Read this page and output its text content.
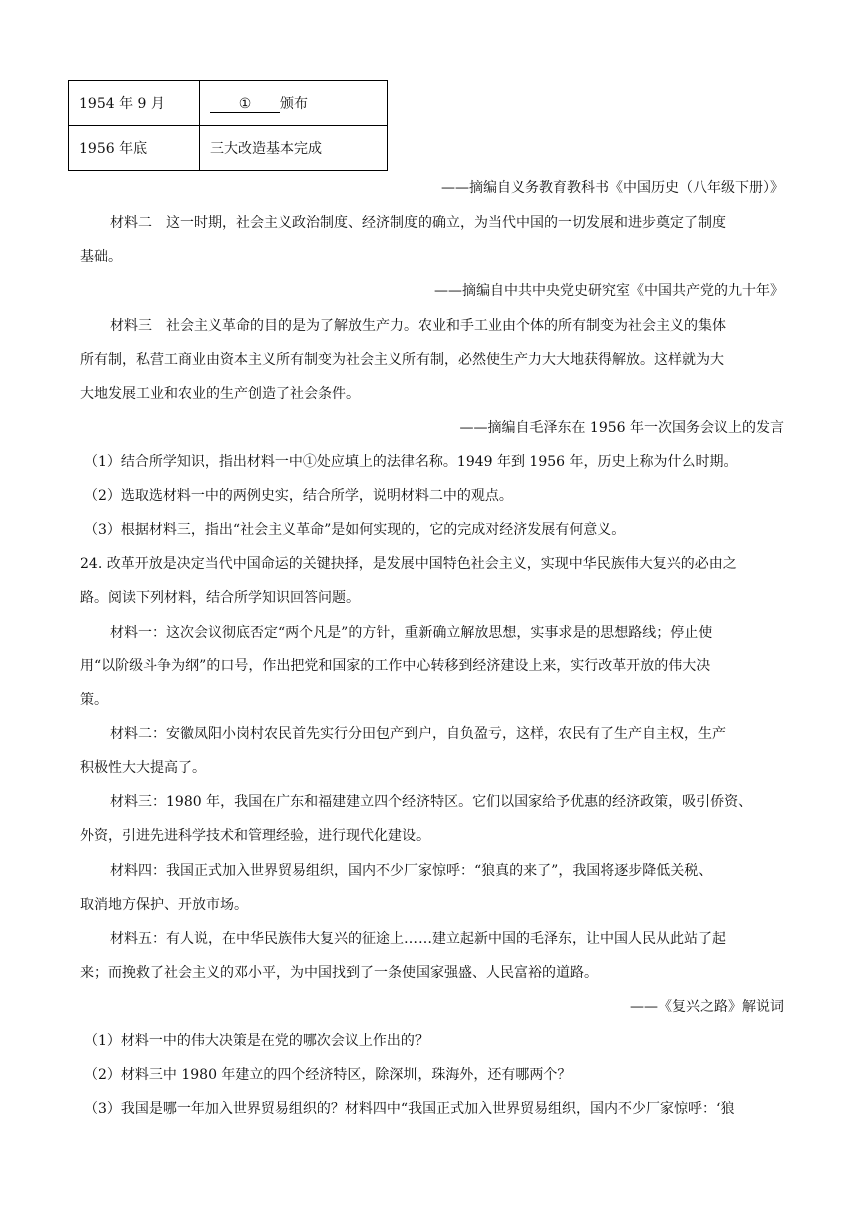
1954 年 9 月	① 颁布
1956 年底	三大改造基本完成
——摘编自义务教育教科书《中国历史（八年级下册）》
材料二　这一时期，社会主义政治制度、经济制度的确立，为当代中国的一切发展和进步奠定了制度
基础。
——摘编自中共中央党史研究室《中国共产党的九十年》
材料三　社会主义革命的目的是为了解放生产力。农业和手工业由个体的所有制变为社会主义的集体
所有制，私营工商业由资本主义所有制变为社会主义所有制，必然使生产力大大地获得解放。这样就为大
大地发展工业和农业的生产创造了社会条件。
——摘编自毛泽东在 1956 年一次国务会议上的发言
（1）结合所学知识，指出材料一中①处应填上的法律名称。1949 年到 1956 年，历史上称为什么时期。
（2）选取选材料一中的两例史实，结合所学，说明材料二中的观点。
（3）根据材料三，指出“社会主义革命”是如何实现的，它的完成对经济发展有何意义。
24. 改革开放是决定当代中国命运的关键抉择，是发展中国特色社会主义，实现中华民族伟大复兴的必由之
路。阅读下列材料，结合所学知识回答问题。
材料一：这次会议彻底否定“两个凡是”的方针，重新确立解放思想，实事求是的思想路线；停止使
用“以阶级斗争为纲”的口号，作出把党和国家的工作中心转移到经济建设上来，实行改革开放的伟大决
策。
材料二：安徽凤阳小岗村农民首先实行分田包产到户，自负盈亏，这样，农民有了生产自主权，生产
积极性大大提高了。
材料三：1980 年，我国在广东和福建建立四个经济特区。它们以国家给予优惠的经济政策，吸引侨资、
外资，引进先进科学技术和管理经验，进行现代化建设。
材料四：我国正式加入世界贸易组织，国内不少厂家惊呼：“狼真的来了”，我国将逐步降低关税、
取消地方保护、开放市场。
材料五：有人说，在中华民族伟大复兴的征途上……建立起新中国的毛泽东，让中国人民从此站了起
来；而挽救了社会主义的邓小平，为中国找到了一条使国家强盛、人民富裕的道路。
——《复兴之路》解说词
（1）材料一中的伟大决策是在党的哪次会议上作出的？
（2）材料三中 1980 年建立的四个经济特区，除深圳，珠海外，还有哪两个？
（3）我国是哪一年加入世界贸易组织的？材料四中“我国正式加入世界贸易组织，国内不少厂家惊呼：‘狼
